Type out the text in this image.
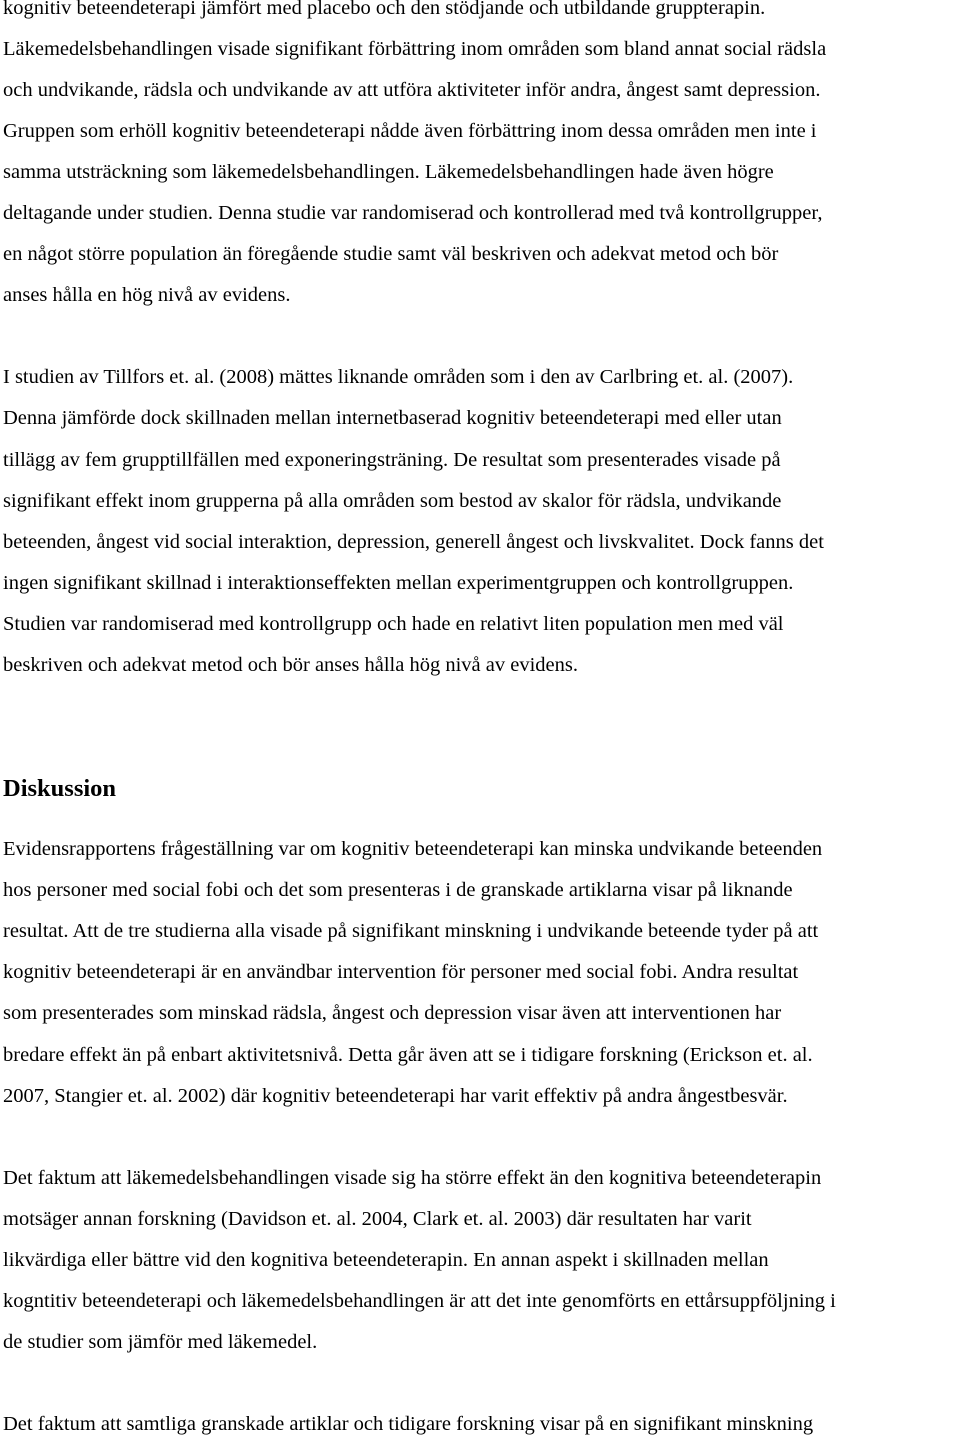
kognitiv beteendeterapi jämfört med placebo och den stödjande och utbildande gruppterapin.
Läkemedelsbehandlingen visade signifikant förbättring inom områden som bland annat social rädsla
och undvikande, rädsla och undvikande av att utföra aktiviteter inför andra, ångest samt depression.
Gruppen som erhöll kognitiv beteendeterapi nådde även förbättring inom dessa områden men inte i
samma utsträckning som läkemedelsbehandlingen. Läkemedelsbehandlingen hade även högre
deltagande under studien. Denna studie var randomiserad och kontrollerad med två kontrollgrupper,
en något större population än föregående studie samt väl beskriven och adekvat metod och bör
anses hålla en hög nivå av evidens.
I studien av Tillfors et. al. (2008) mättes liknande områden som i den av Carlbring et. al. (2007).
Denna jämförde dock skillnaden mellan internetbaserad kognitiv beteendeterapi med eller utan
tillägg av fem grupptillfällen med exponeringsträning. De resultat som presenterades visade på
signifikant effekt inom grupperna på alla områden som bestod av skalor för rädsla, undvikande
beteenden, ångest vid social interaktion, depression, generell ångest och livskvalitet. Dock fanns det
ingen signifikant skillnad i interaktionseffekten mellan experimentgruppen och kontrollgruppen.
Studien var randomiserad med kontrollgrupp och hade en relativt liten population men med väl
beskriven och adekvat metod och bör anses hålla hög nivå av evidens.
Diskussion
Evidensrapportens frågeställning var om kognitiv beteendeterapi kan minska undvikande beteenden
hos personer med social fobi och det som presenteras i de granskade artiklarna visar på liknande
resultat. Att de tre studierna alla visade på signifikant minskning i undvikande beteende tyder på att
kognitiv beteendeterapi är en användbar intervention för personer med social fobi. Andra resultat
som presenterades som minskad rädsla, ångest och depression visar även att interventionen har
bredare effekt än på enbart aktivitetsnivå. Detta går även att se i tidigare forskning (Erickson et. al.
2007, Stangier et. al. 2002) där kognitiv beteendeterapi har varit effektiv på andra ångestbesvär.
Det faktum att läkemedelsbehandlingen visade sig ha större effekt än den kognitiva beteendeterapin
motsäger annan forskning (Davidson et. al. 2004, Clark et. al. 2003) där resultaten har varit
likvärdiga eller bättre vid den kognitiva beteendeterapin. En annan aspekt i skillnaden mellan
kogntitiv beteendeterapi och läkemedelsbehandlingen är att det inte genomförts en ettårsuppföljning i
de studier som jämför med läkemedel.
Det faktum att samtliga granskade artiklar och tidigare forskning visar på en signifikant minskning
